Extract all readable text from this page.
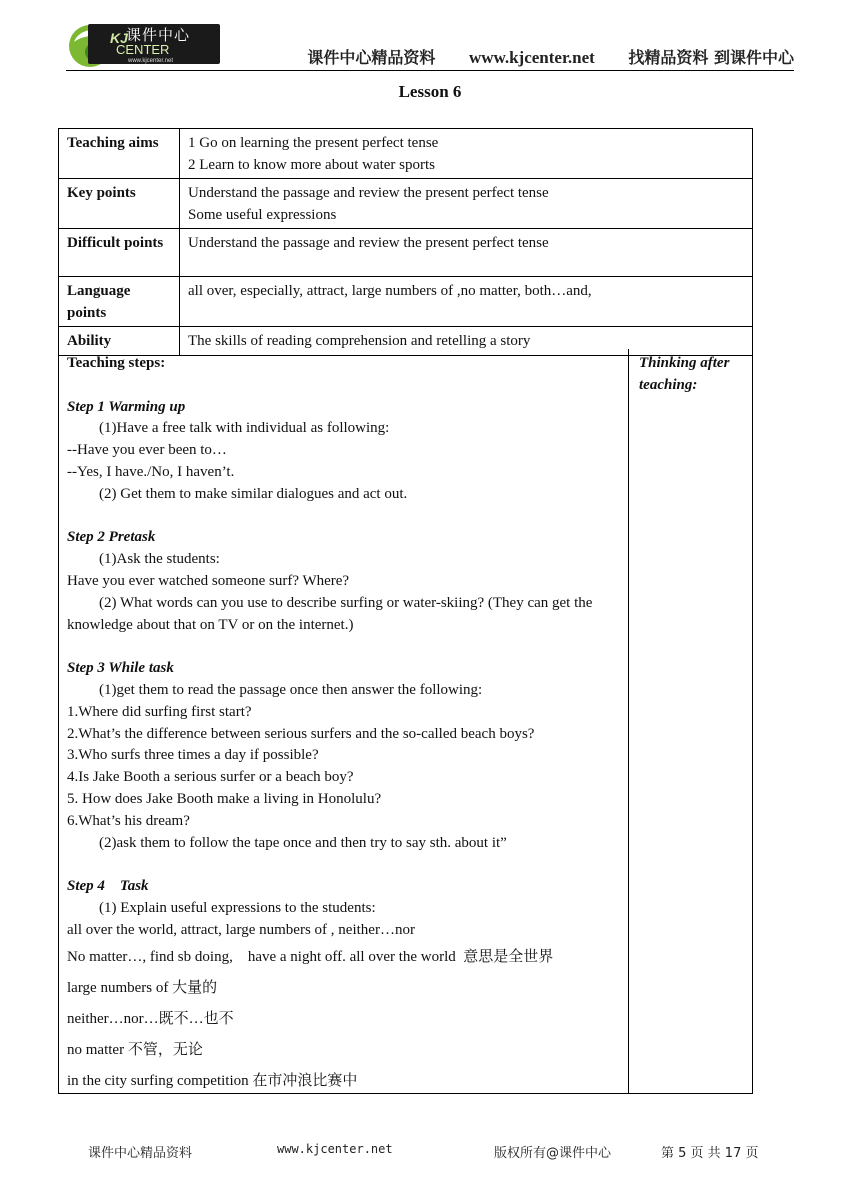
课件中心
KJ
CENTER
www.kjcenter.net	课件中心精品资料 www.kjcenter.net 找精品资料 到课件中心
Lesson 6
Teaching aims	1 Go on learning the present perfect tense
2 Learn to know more about water sports

Key points	Understand the passage and review the present perfect tense
Some useful expressions

Difficult points	Understand the passage and review the present perfect tense

Language points	all over, especially, attract, large numbers of ,no matter, both…and,

Ability	The skills of reading comprehension and retelling a story

Teaching steps:

Step 1 Warming up

(1)Have a free talk with individual as following:

--Have you ever been to…

--Yes, I have./No, I haven’t.

(2) Get them to make similar dialogues and act out.

Step 2 Pretask

(1)Ask the students:

Have you ever watched someone surf? Where?

(2) What words can you use to describe surfing or water-skiing? (They can get the knowledge about that on TV or on the internet.)

Step 3 While task

(1)get them to read the passage once then answer the following:

1.Where did surfing first start?

2.What’s the difference between serious surfers and the so-called beach boys?

3.Who surfs three times a day if possible?

4.Is Jake Booth a serious surfer or a beach boy?

5. How does Jake Booth make a living in Honolulu?

6.What’s his dream?

(2)ask them to follow the tape once and then try to say sth. about it”

Step 4    Task

(1) Explain useful expressions to the students:

all over the world, attract, large numbers of , neither…nor

No matter…, find sb doing,    have a night off. all over the world  意思是全世界

large numbers of 大量的

neither…nor…既不…也不

no matter 不管，无论

in the city surfing competition 在市冲浪比赛中

Thinking after teaching:
课件中心精品资料	www.kjcenter.net	版权所有@课件中心	第 5 页 共 17 页
